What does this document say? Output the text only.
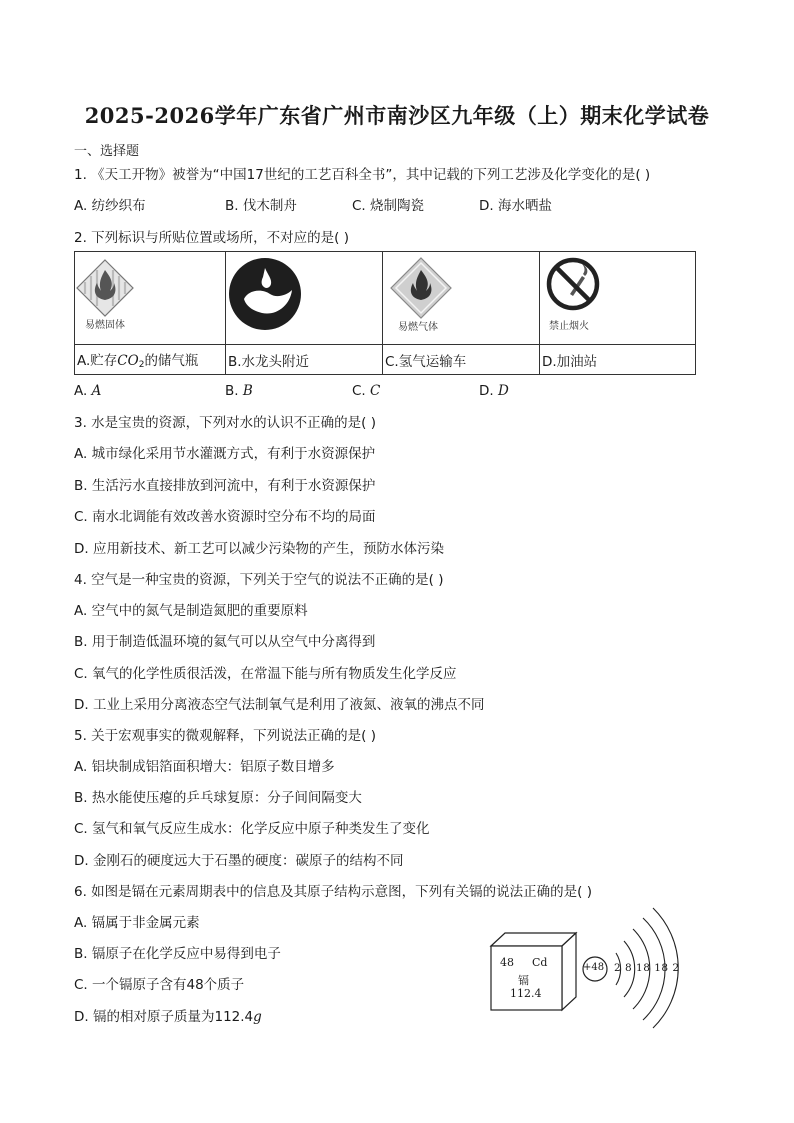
2025-2026学年广东省广州市南沙区九年级（上）期末化学试卷
一、选择题
1. 《天工开物》被誉为“中国17世纪的工艺百科全书”，其中记载的下列工艺涉及化学变化的是( )
A. 纺纱织布	B. 伐木制舟	C. 烧制陶瓷	D. 海水晒盐
2. 下列标识与所贴位置或场所，不对应的是( )
易燃固体		易燃气体	禁止烟火

A.贮存$CO_2$的储气瓶	B.水龙头附近	C.氢气运输车	D.加油站
A. A	B. B	C. C	D. D
3. 水是宝贵的资源，下列对水的认识不正确的是( )
A. 城市绿化采用节水灌溉方式，有利于水资源保护
B. 生活污水直接排放到河流中，有利于水资源保护
C. 南水北调能有效改善水资源时空分布不均的局面
D. 应用新技术、新工艺可以减少污染物的产生，预防水体污染
4. 空气是一种宝贵的资源，下列关于空气的说法不正确的是( )
A. 空气中的氮气是制造氮肥的重要原料
B. 用于制造低温环境的氦气可以从空气中分离得到
C. 氧气的化学性质很活泼，在常温下能与所有物质发生化学反应
D. 工业上采用分离液态空气法制氧气是利用了液氮、液氧的沸点不同
5. 关于宏观事实的微观解释，下列说法正确的是( )
A. 铝块制成铝箔面积增大：铝原子数目增多
B. 热水能使压瘪的乒乓球复原：分子间间隔变大
C. 氢气和氧气反应生成水：化学反应中原子种类发生了变化
D. 金刚石的硬度远大于石墨的硬度：碳原子的结构不同
6. 如图是镉在元素周期表中的信息及其原子结构示意图，下列有关镉的说法正确的是( )
A. 镉属于非金属元素
B. 镉原子在化学反应中易得到电子
C. 一个镉原子含有48个质子
D. 镉的相对原子质量为112.4g
48 Cd
镉
112.4
+48 2 8 18 18 2
